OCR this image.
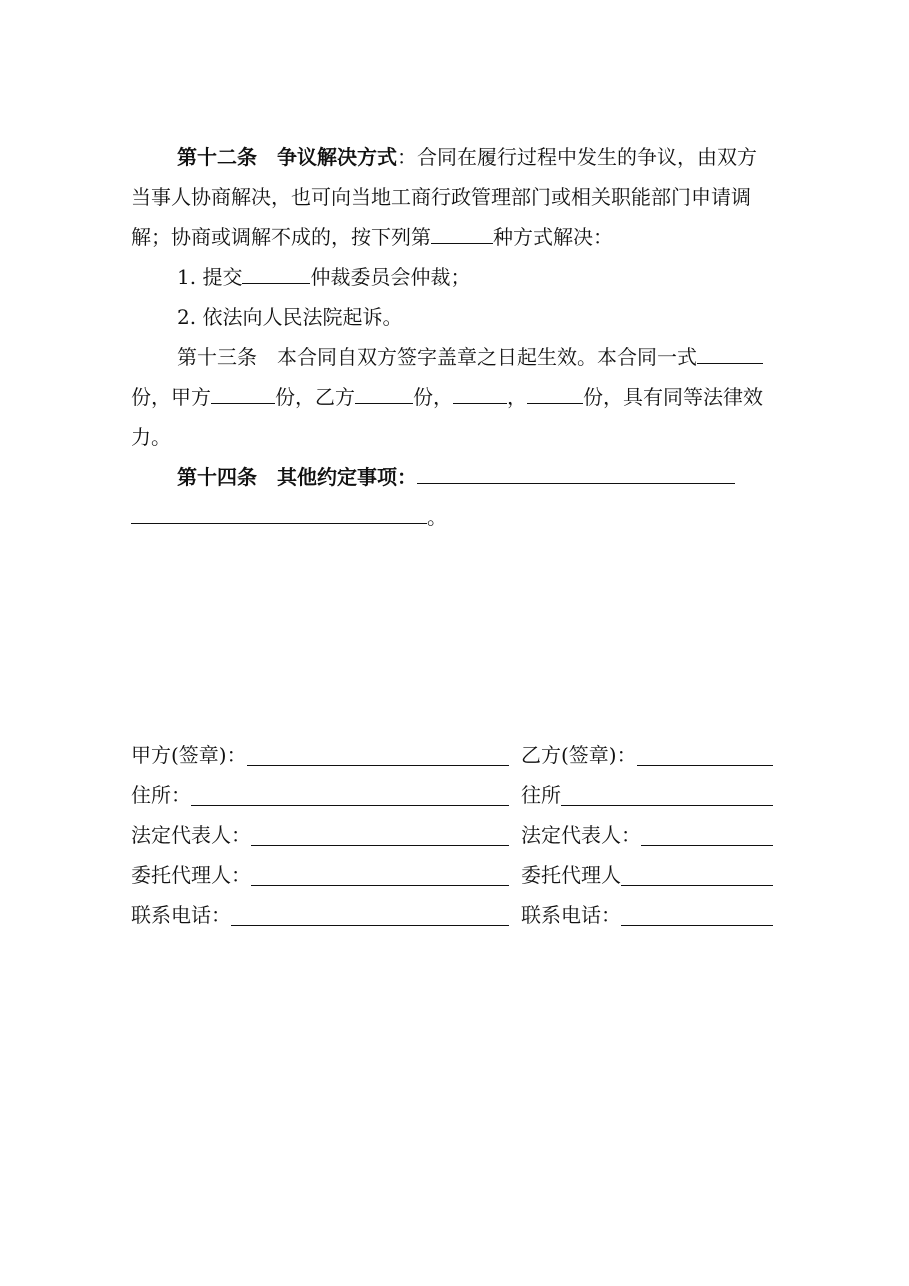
第十二条　争议解决方式：合同在履行过程中发生的争议，由双方当事人协商解决，也可向当地工商行政管理部门或相关职能部门申请调解；协商或调解不成的，按下列第	种方式解决：

1. 提交	仲裁委员会仲裁；

2. 依法向人民法院起诉。

第十三条　本合同自双方签字盖章之日起生效。本合同一式份，甲方	份，乙方	份，	，	份，具有同等法律效力。

第十四条　其他约定事项：。

甲方(签章)：	乙方(签章)：
住所：	往所
法定代表人：	法定代表人：
委托代理人：	委托代理人
联系电话：	联系电话：
